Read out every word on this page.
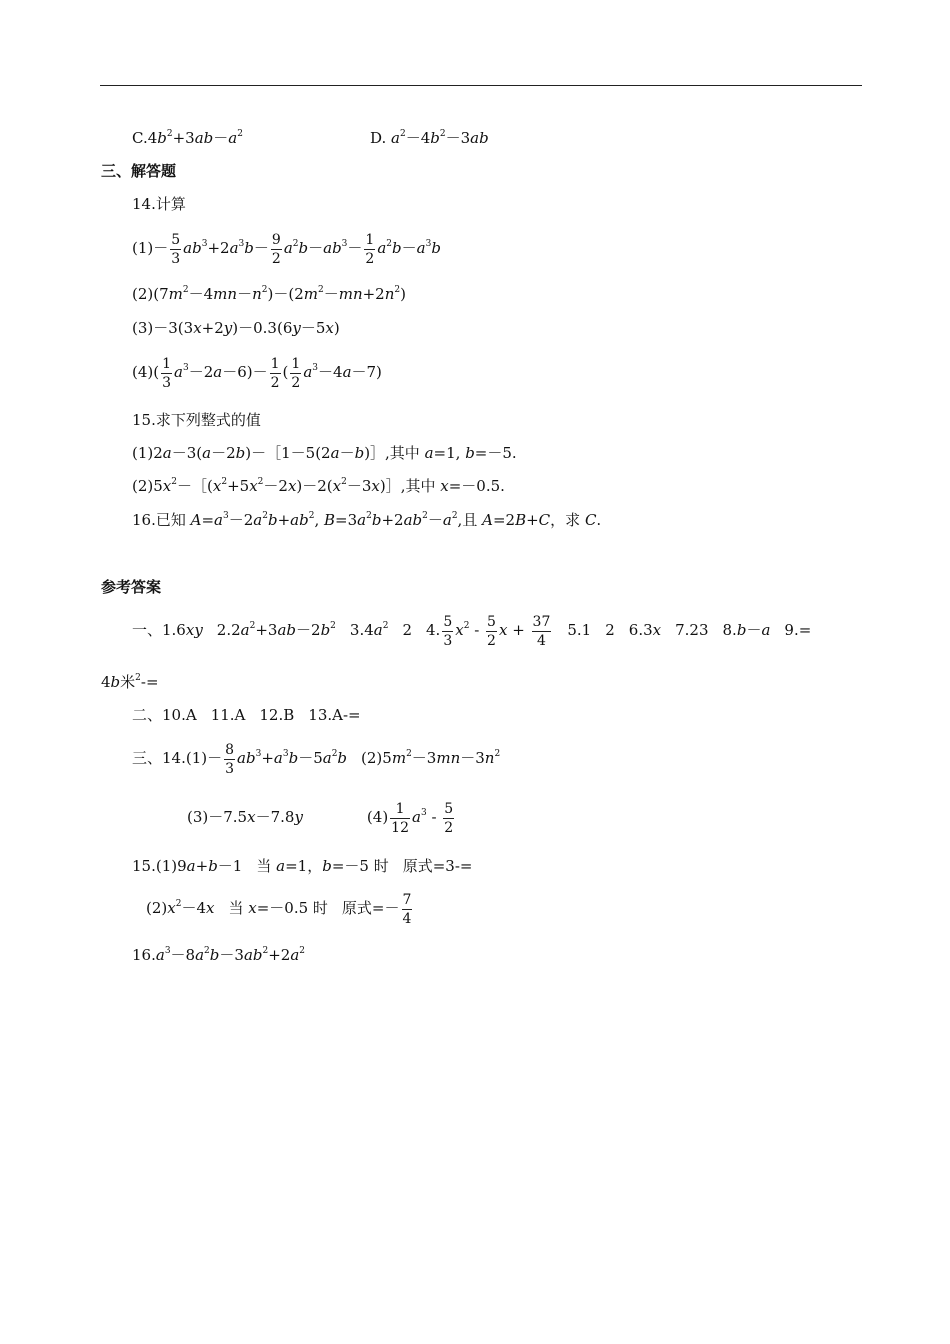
$C.4b^2+3ab-a^2$	D. $a^2-4b^2-3ab$
三、解答题
14.计算
$(1)- \frac{5}{3} ab^3+2a^3b- \frac{9}{2} a^2b-ab^3- \frac{1}{2} a^2b-a^3b$
$(2)(7m^2-4mn-n^2)-(2m^2-mn+2n^2)$
(3)－3(3x+2y)－0.3(6y－5x)
$(4)( \frac{1}{3} a^3-2a-6)- \frac{1}{2}$ ( $\frac{1}{2} a^3-4a-7$)
15.求下列整式的值
(1)2a－3(a－2b)－［1－5(2a－b)］,其中 a=1, b=－5.
$(2)5x^2-[(x^2+5x^2-2x)-2(x^2-3x)]$,其中 x=－0.5.
16.已知 $A=a^3-2a^2b+ab^2$, $B=3a^2b+2ab^2-a^2$,且 A=2B+C，求 C.
参考答案
一、1.6xy $2.2a^2+3ab-2b^2$ $3.4a^2$ 2 4. $\frac{5}{3} x^2 - \frac{5}{2}$ $x + \frac{37}{4} 5.1$ 2 6.3x 7.23 8.b－a 9.=
4b米$^2$-=
二、10.A 11.A 12.B 13.A-=
三、$14.(1)- \frac{8}{3} ab^3+a^3b-5a^2b$ $(2)5m^2-3mn-3n^2$
(3)－7.5x－7.8y	$(4) \frac{1}{12} a^3 - \frac{5}{2}$
15.(1)9a+b－1 当 a=1，b=－5 时 原式=3-=
$(2)x^2-4x$ 当 x=－0.5 时 原式=－ $\frac{7}{4}$
$16.a^3-8a^2b-3ab^2+2a^2$
